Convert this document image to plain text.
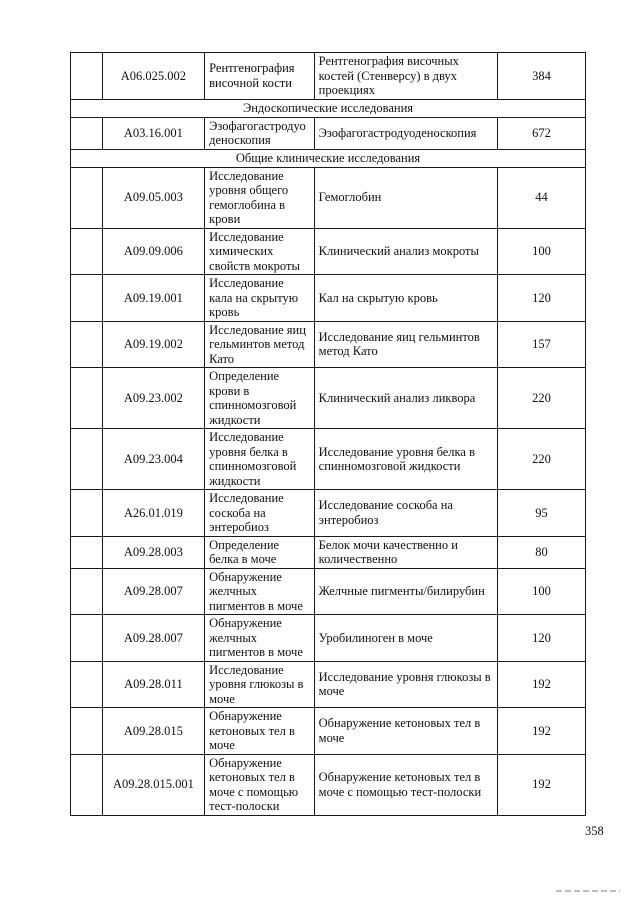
	А06.025.002	Рентгенография височной кости	Рентгенография височных костей (Стенверсу) в двух проекциях	384
Эндоскопические исследования				
	А03.16.001	Эзофагогастродуо деноскопия	Эзофагогастродуоденоскопия	672
Общие клинические исследования				
	А09.05.003	Исследование уровня общего гемоглобина в крови	Гемоглобин	44
	А09.09.006	Исследование химических свойств мокроты	Клинический анализ мокроты	100
	А09.19.001	Исследование кала на скрытую кровь	Кал на скрытую кровь	120
	А09.19.002	Исследование яиц гельминтов метод Като	Исследование яиц гельминтов метод Като	157
	А09.23.002	Определение крови в спинномозговой жидкости	Клинический анализ ликвора	220
	А09.23.004	Исследование уровня белка в спинномозговой жидкости	Исследование уровня белка в спинномозговой жидкости	220
	А26.01.019	Исследование соскоба на энтеробиоз	Исследование соскоба на энтеробиоз	95
	А09.28.003	Определение белка в моче	Белок мочи качественно и количественно	80
	А09.28.007	Обнаружение желчных пигментов в моче	Желчные пигменты/билирубин	100
	А09.28.007	Обнаружение желчных пигментов в моче	Уробилиноген в моче	120
	А09.28.011	Исследование уровня глюкозы в моче	Исследование уровня глюкозы в моче	192
	А09.28.015	Обнаружение кетоновых тел в моче	Обнаружение кетоновых тел в моче	192
	А09.28.015.001	Обнаружение кетоновых тел в моче с помощью тест-полоски	Обнаружение кетоновых тел в моче с помощью тест-полоски	192
358
